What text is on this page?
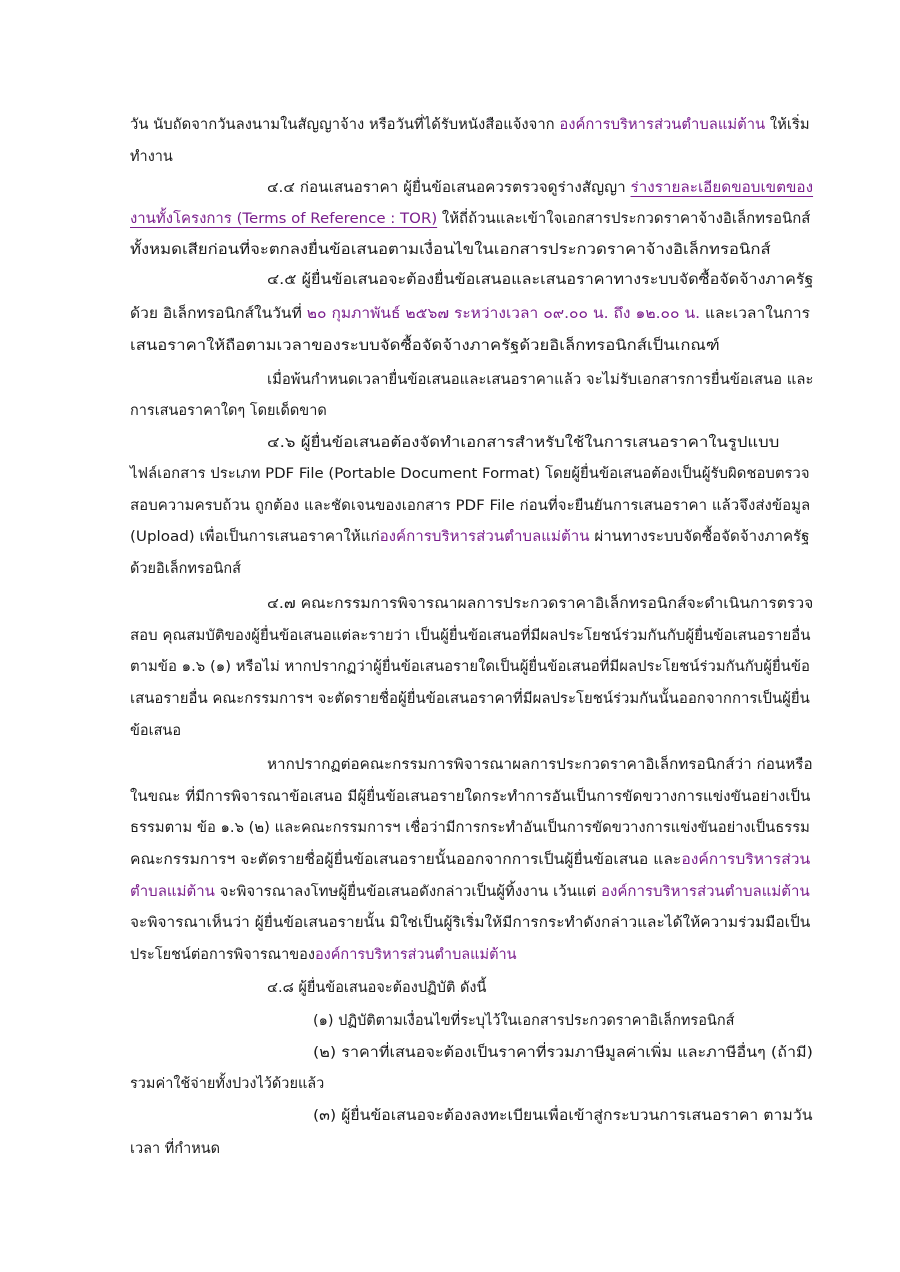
วัน นับถัดจากวันลงนามในสัญญาจ้าง หรือวันที่ได้รับหนังสือแจ้งจาก องค์การบริหารส่วนตำบลแม่ต้าน ให้เริ่ม
ทำงาน
๔.๔ ก่อนเสนอราคา ผู้ยื่นข้อเสนอควรตรวจดูร่างสัญญา ร่างรายละเอียดขอบเขตของ
งานทั้งโครงการ (Terms of Reference : TOR) ให้ถี่ถ้วนและเข้าใจเอกสารประกวดราคาจ้างอิเล็กทรอนิกส์
ทั้งหมดเสียก่อนที่จะตกลงยื่นข้อเสนอตามเงื่อนไขในเอกสารประกวดราคาจ้างอิเล็กทรอนิกส์
๔.๕ ผู้ยื่นข้อเสนอจะต้องยื่นข้อเสนอและเสนอราคาทางระบบจัดซื้อจัดจ้างภาครัฐ
ด้วย อิเล็กทรอนิกส์ในวันที่ ๒๐ กุมภาพันธ์ ๒๕๖๗ ระหว่างเวลา ๐๙.๐๐ น. ถึง ๑๒.๐๐ น. และเวลาในการ
เสนอราคาให้ถือตามเวลาของระบบจัดซื้อจัดจ้างภาครัฐด้วยอิเล็กทรอนิกส์เป็นเกณฑ์
เมื่อพ้นกำหนดเวลายื่นข้อเสนอและเสนอราคาแล้ว จะไม่รับเอกสารการยื่นข้อเสนอ และ
การเสนอราคาใดๆ โดยเด็ดขาด
๔.๖ ผู้ยื่นข้อเสนอต้องจัดทำเอกสารสำหรับใช้ในการเสนอราคาในรูปแบบ
ไฟล์เอกสาร ประเภท PDF File (Portable Document Format) โดยผู้ยื่นข้อเสนอต้องเป็นผู้รับผิดชอบตรวจ
สอบความครบถ้วน ถูกต้อง และชัดเจนของเอกสาร PDF File ก่อนที่จะยืนยันการเสนอราคา แล้วจึงส่งข้อมูล
(Upload) เพื่อเป็นการเสนอราคาให้แก่องค์การบริหารส่วนตำบลแม่ต้าน ผ่านทางระบบจัดซื้อจัดจ้างภาครัฐ
ด้วยอิเล็กทรอนิกส์
๔.๗ คณะกรรมการพิจารณาผลการประกวดราคาอิเล็กทรอนิกส์จะดำเนินการตรวจ
สอบ คุณสมบัติของผู้ยื่นข้อเสนอแต่ละรายว่า เป็นผู้ยื่นข้อเสนอที่มีผลประโยชน์ร่วมกันกับผู้ยื่นข้อเสนอรายอื่น
ตามข้อ ๑.๖ (๑) หรือไม่ หากปรากฏว่าผู้ยื่นข้อเสนอรายใดเป็นผู้ยื่นข้อเสนอที่มีผลประโยชน์ร่วมกันกับผู้ยื่นข้อ
เสนอรายอื่น คณะกรรมการฯ จะตัดรายชื่อผู้ยื่นข้อเสนอราคาที่มีผลประโยชน์ร่วมกันนั้นออกจากการเป็นผู้ยื่น
ข้อเสนอ
หากปรากฏต่อคณะกรรมการพิจารณาผลการประกวดราคาอิเล็กทรอนิกส์ว่า ก่อนหรือ
ในขณะ ที่มีการพิจารณาข้อเสนอ มีผู้ยื่นข้อเสนอรายใดกระทำการอันเป็นการขัดขวางการแข่งขันอย่างเป็น
ธรรมตาม ข้อ ๑.๖ (๒) และคณะกรรมการฯ เชื่อว่ามีการกระทำอันเป็นการขัดขวางการแข่งขันอย่างเป็นธรรม
คณะกรรมการฯ จะตัดรายชื่อผู้ยื่นข้อเสนอรายนั้นออกจากการเป็นผู้ยื่นข้อเสนอ และองค์การบริหารส่วน
ตำบลแม่ต้าน จะพิจารณาลงโทษผู้ยื่นข้อเสนอดังกล่าวเป็นผู้ทิ้งงาน เว้นแต่ องค์การบริหารส่วนตำบลแม่ต้าน
จะพิจารณาเห็นว่า ผู้ยื่นข้อเสนอรายนั้น มิใช่เป็นผู้ริเริ่มให้มีการกระทำดังกล่าวและได้ให้ความร่วมมือเป็น
ประโยชน์ต่อการพิจารณาขององค์การบริหารส่วนตำบลแม่ต้าน
๔.๘ ผู้ยื่นข้อเสนอจะต้องปฏิบัติ ดังนี้
(๑) ปฏิบัติตามเงื่อนไขที่ระบุไว้ในเอกสารประกวดราคาอิเล็กทรอนิกส์
(๒) ราคาที่เสนอจะต้องเป็นราคาที่รวมภาษีมูลค่าเพิ่ม และภาษีอื่นๆ (ถ้ามี)
รวมค่าใช้จ่ายทั้งปวงไว้ด้วยแล้ว
(๓) ผู้ยื่นข้อเสนอจะต้องลงทะเบียนเพื่อเข้าสู่กระบวนการเสนอราคา ตามวัน
เวลา ที่กำหนด
